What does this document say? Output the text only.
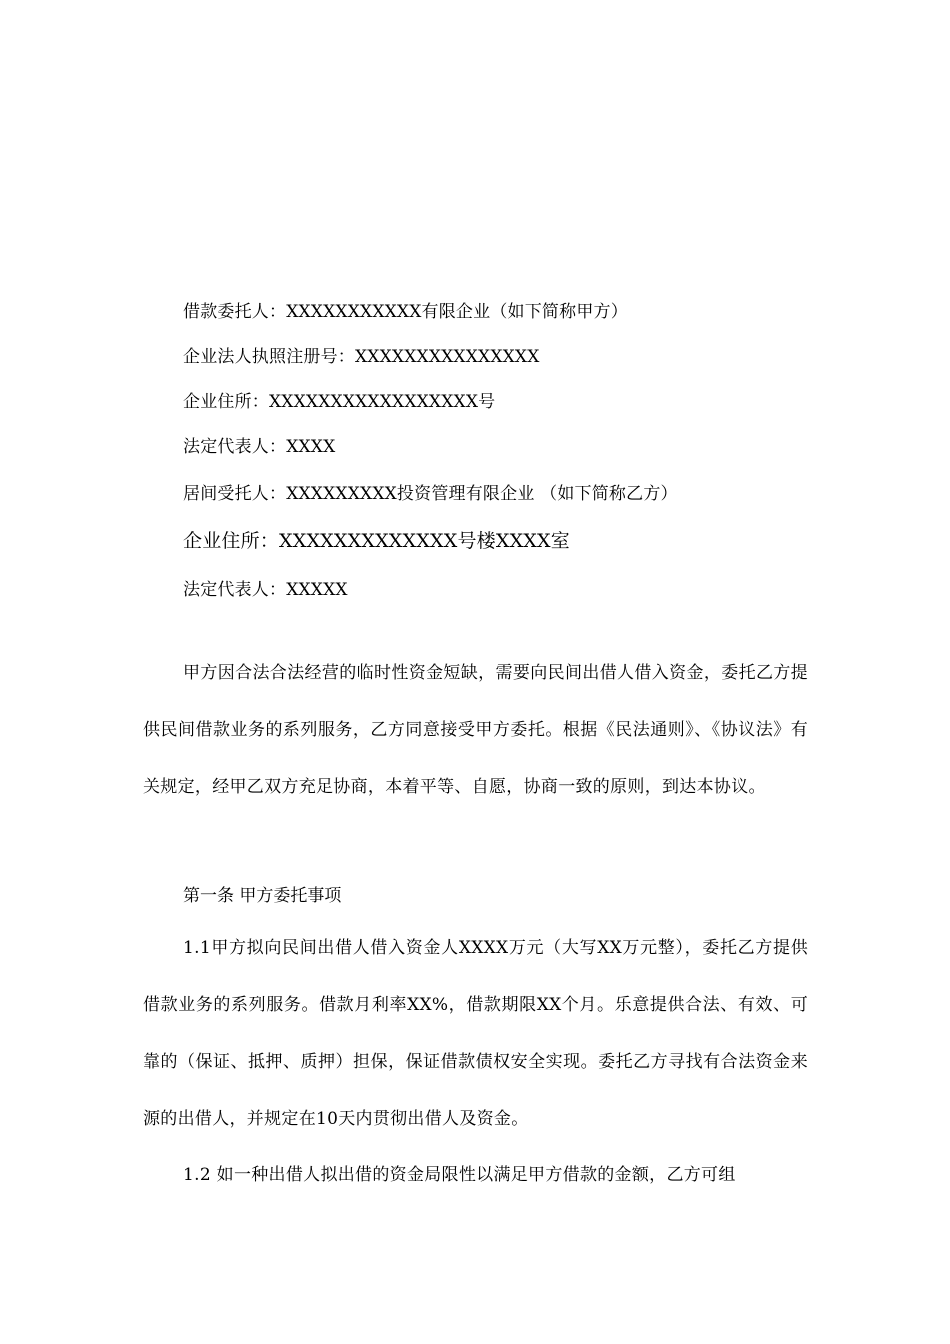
借款委托人：XXXXXXXXXXX有限企业（如下简称甲方）
企业法人执照注册号：XXXXXXXXXXXXXXX
企业住所：XXXXXXXXXXXXXXXXX号
法定代表人：XXXX
居间受托人：XXXXXXXXX投资管理有限企业 （如下简称乙方）
企业住所：XXXXXXXXXXXXX号楼XXXX室
法定代表人：XXXXX
甲方因合法合法经营的临时性资金短缺，需要向民间出借人借入资金，委托乙方提供民间借款业务的系列服务，乙方同意接受甲方委托。根据《民法通则》、《协议法》有关规定，经甲乙双方充足协商，本着平等、自愿，协商一致的原则，到达本协议。
第一条 甲方委托事项
1.1甲方拟向民间出借人借入资金人XXXX万元（大写XX万元整），委托乙方提供借款业务的系列服务。借款月利率XX%，借款期限XX个月。乐意提供合法、有效、可靠的（保证、抵押、质押）担保，保证借款债权安全实现。委托乙方寻找有合法资金来源的出借人，并规定在10天内贯彻出借人及资金。
1.2 如一种出借人拟出借的资金局限性以满足甲方借款的金额，乙方可组
